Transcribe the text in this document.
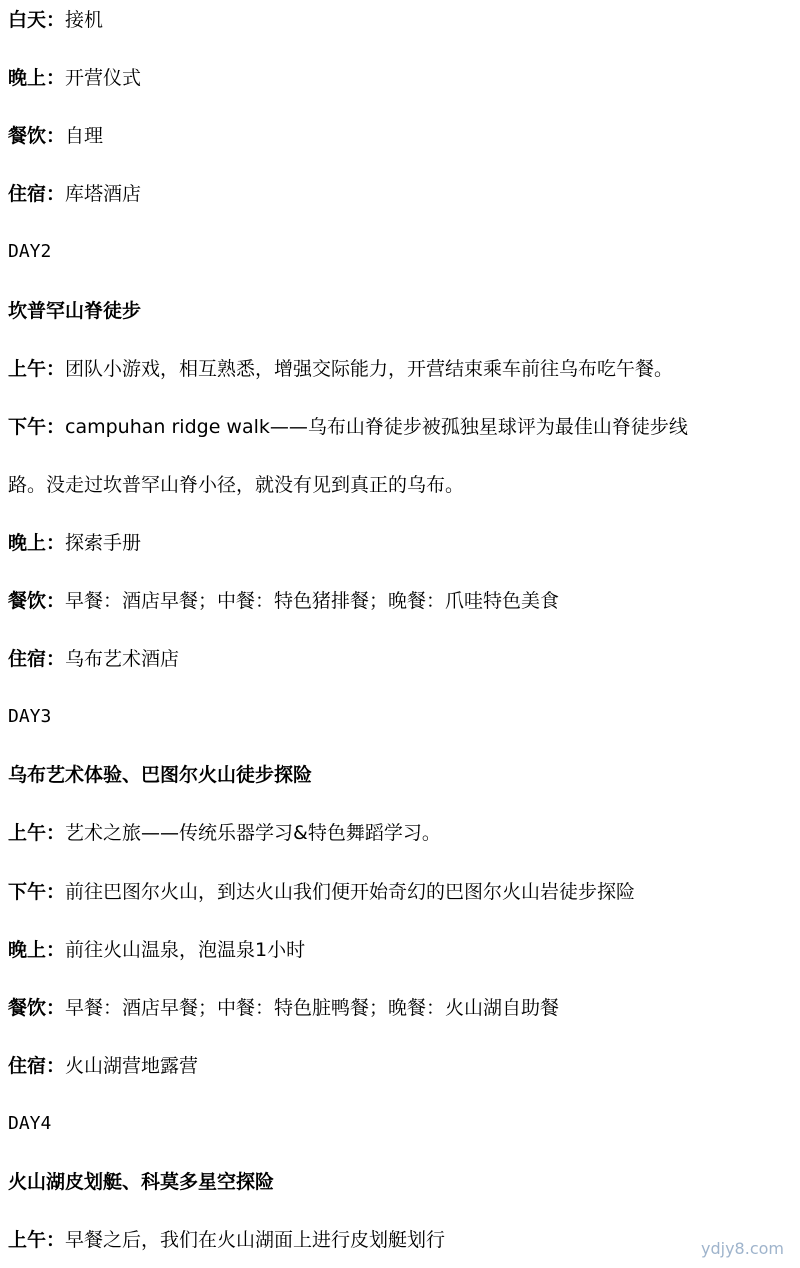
白天：接机
晚上：开营仪式
餐饮：自理
住宿：库塔酒店
DAY2
坎普罕山脊徒步
上午：团队小游戏，相互熟悉，增强交际能力，开营结束乘车前往乌布吃午餐。
下午：campuhan ridge walk——乌布山脊徒步被孤独星球评为最佳山脊徒步线
路。没走过坎普罕山脊小径，就没有见到真正的乌布。
晚上：探索手册
餐饮：早餐：酒店早餐；中餐：特色猪排餐；晚餐：爪哇特色美食
住宿：乌布艺术酒店
DAY3
乌布艺术体验、巴图尔火山徒步探险
上午：艺术之旅——传统乐器学习&特色舞蹈学习。
下午：前往巴图尔火山，到达火山我们便开始奇幻的巴图尔火山岩徒步探险
晚上：前往火山温泉，泡温泉1小时
餐饮：早餐：酒店早餐；中餐：特色脏鸭餐；晚餐：火山湖自助餐
住宿：火山湖营地露营
DAY4
火山湖皮划艇、科莫多星空探险
上午：早餐之后，我们在火山湖面上进行皮划艇划行	ydjy8.com
